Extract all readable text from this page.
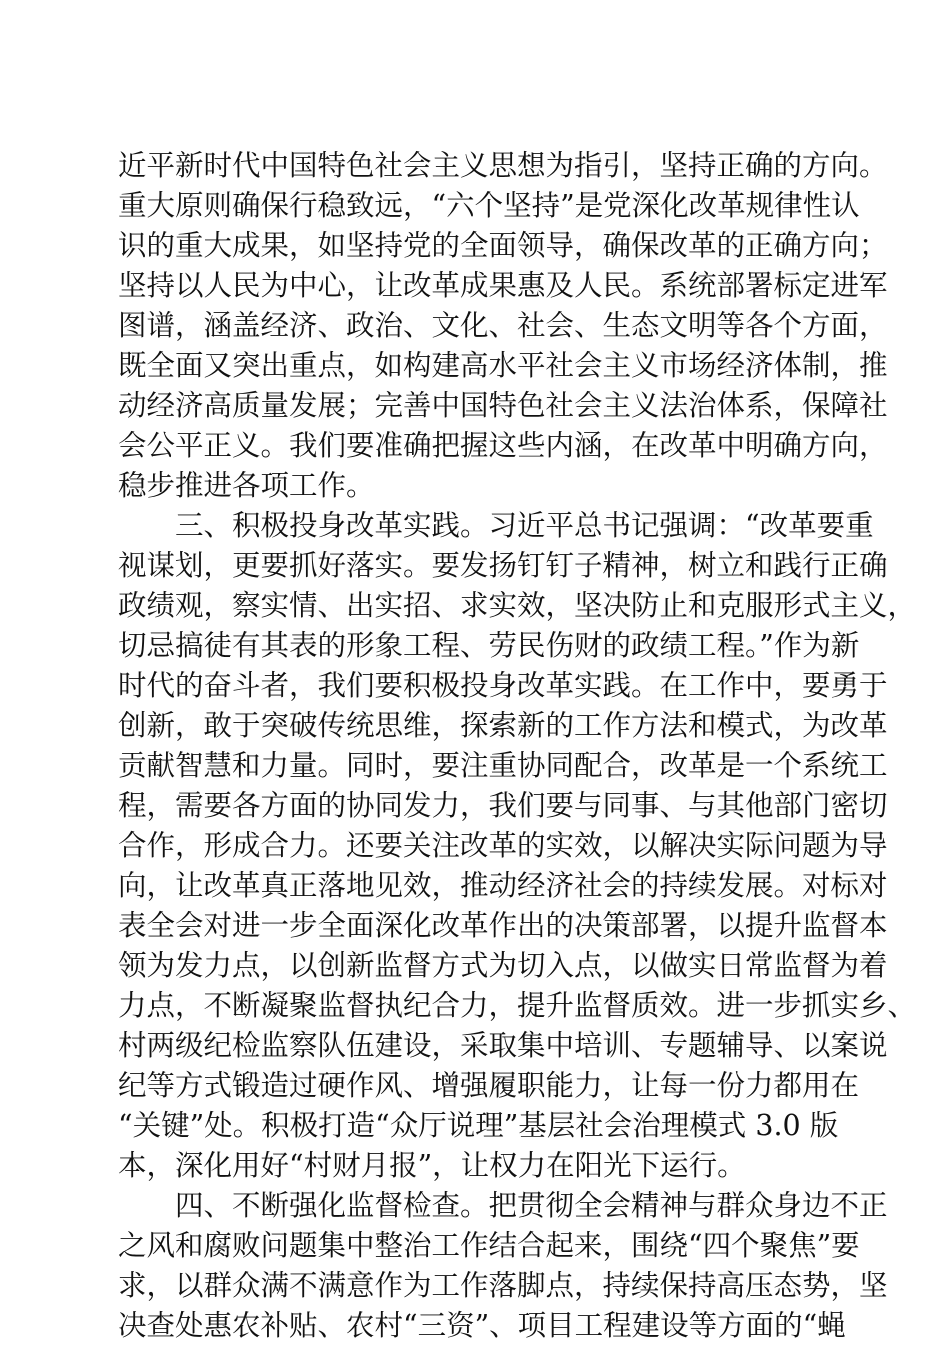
近平新时代中国特色社会主义思想为指引，坚持正确的方向。
重大原则确保行稳致远，“六个坚持”是党深化改革规律性认
识的重大成果，如坚持党的全面领导，确保改革的正确方向；
坚持以人民为中心，让改革成果惠及人民。系统部署标定进军
图谱，涵盖经济、政治、文化、社会、生态文明等各个方面，
既全面又突出重点，如构建高水平社会主义市场经济体制，推
动经济高质量发展；完善中国特色社会主义法治体系，保障社
会公平正义。我们要准确把握这些内涵，在改革中明确方向，
稳步推进各项工作。
　　三、积极投身改革实践。习近平总书记强调：“改革要重
视谋划，更要抓好落实。要发扬钉钉子精神，树立和践行正确
政绩观，察实情、出实招、求实效，坚决防止和克服形式主义，
切忌搞徒有其表的形象工程、劳民伤财的政绩工程。”作为新
时代的奋斗者，我们要积极投身改革实践。在工作中，要勇于
创新，敢于突破传统思维，探索新的工作方法和模式，为改革
贡献智慧和力量。同时，要注重协同配合，改革是一个系统工
程，需要各方面的协同发力，我们要与同事、与其他部门密切
合作，形成合力。还要关注改革的实效，以解决实际问题为导
向，让改革真正落地见效，推动经济社会的持续发展。对标对
表全会对进一步全面深化改革作出的决策部署，以提升监督本
领为发力点，以创新监督方式为切入点，以做实日常监督为着
力点，不断凝聚监督执纪合力，提升监督质效。进一步抓实乡、
村两级纪检监察队伍建设，采取集中培训、专题辅导、以案说
纪等方式锻造过硬作风、增强履职能力，让每一份力都用在
“关键”处。积极打造“众厅说理”基层社会治理模式 3.0 版
本，深化用好“村财月报”，让权力在阳光下运行。
　　四、不断强化监督检查。把贯彻全会精神与群众身边不正
之风和腐败问题集中整治工作结合起来，围绕“四个聚焦”要
求，以群众满不满意作为工作落脚点，持续保持高压态势，坚
决查处惠农补贴、农村“三资”、项目工程建设等方面的“蝇
